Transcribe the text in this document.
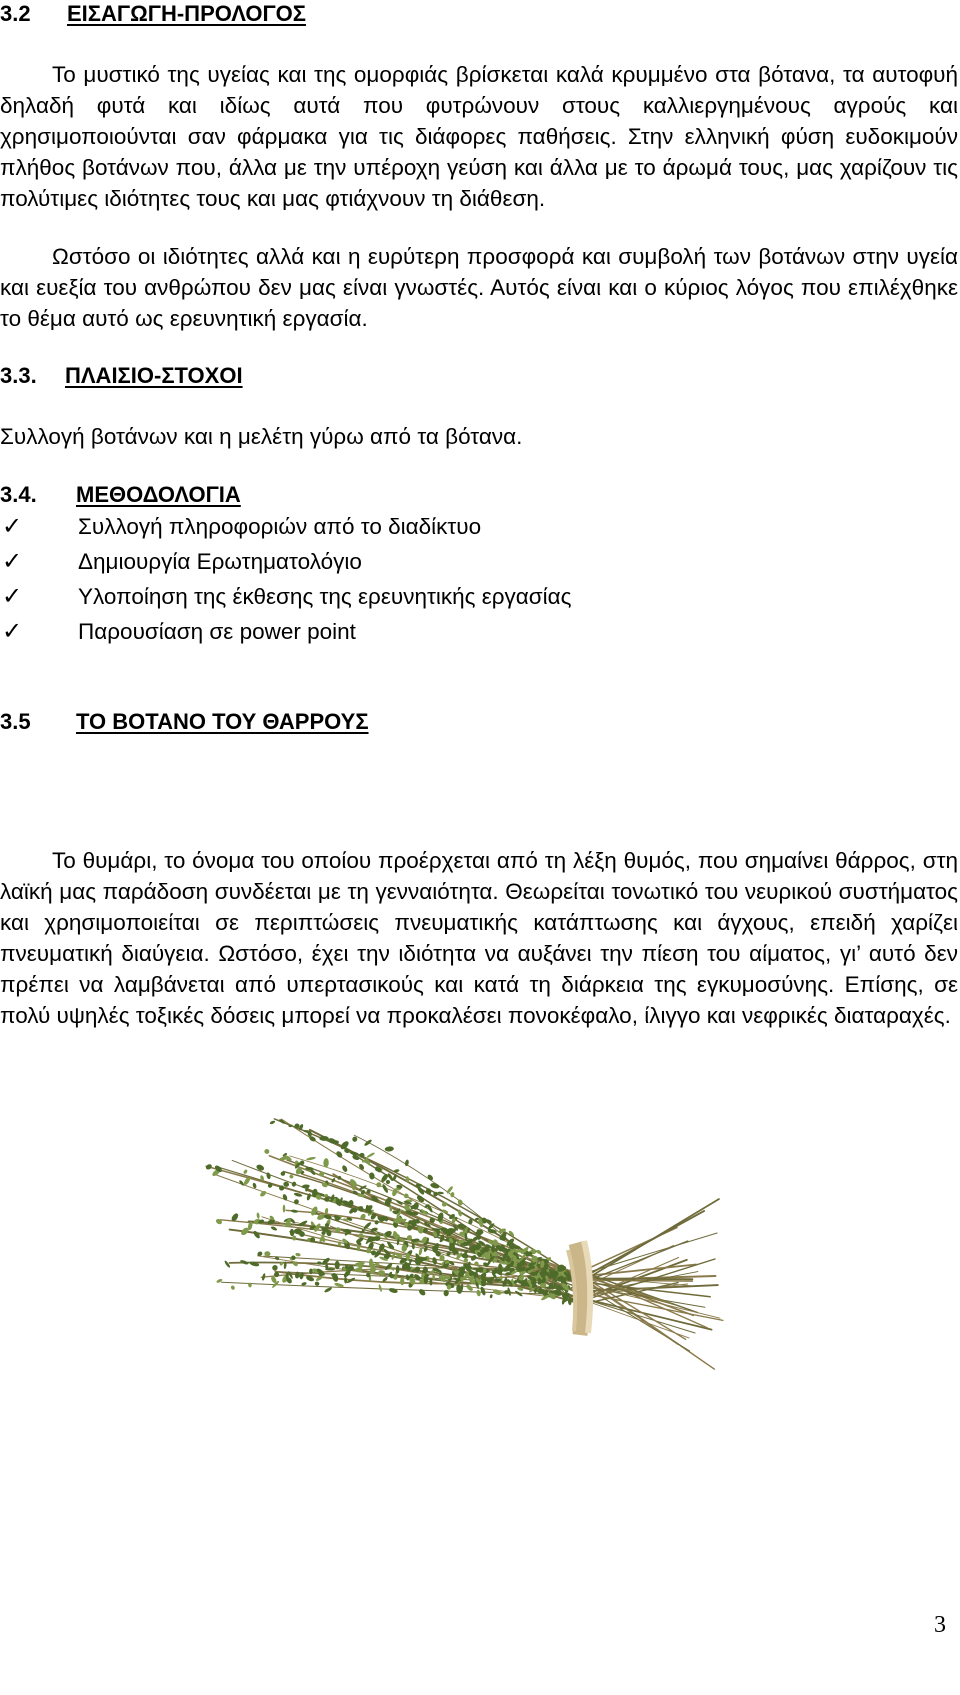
3.2 ΕΙΣΑΓΩΓΗ-ΠΡΟΛΟΓΟΣ
Το μυστικό της υγείας και της ομορφιάς βρίσκεται καλά κρυμμένο στα βότανα, τα αυτοφυή δηλαδή φυτά και ιδίως αυτά που φυτρώνουν στους καλλιεργημένους αγρούς και χρησιμοποιούνται σαν φάρμακα για τις διάφορες παθήσεις. Στην ελληνική φύση ευδοκιμούν πλήθος βοτάνων που, άλλα με την υπέροχη γεύση και άλλα με το άρωμά τους, μας χαρίζουν τις πολύτιμες ιδιότητες τους και μας φτιάχνουν τη διάθεση.
Ωστόσο οι ιδιότητες αλλά και η ευρύτερη προσφορά και συμβολή των βοτάνων στην υγεία και ευεξία του ανθρώπου δεν μας είναι γνωστές. Αυτός είναι και ο κύριος λόγος που επιλέχθηκε το θέμα αυτό ως ερευνητική εργασία.
3.3. ΠΛΑΙΣΙΟ-ΣΤΟΧΟΙ
Συλλογή βοτάνων και η μελέτη γύρω από τα βότανα.
3.4. ΜΕΘΟΔΟΛΟΓΙΑ
✓ Συλλογή πληροφοριών από το διαδίκτυο
✓ Δημιουργία Ερωτηματολόγιο
✓ Υλοποίηση της έκθεσης της ερευνητικής εργασίας
✓ Παρουσίαση σε power point
3.5 ΤΟ ΒΟΤΑΝΟ ΤΟΥ ΘΑΡΡΟΥΣ
Το θυμάρι, το όνομα του οποίου προέρχεται από τη λέξη θυμός, που σημαίνει θάρρος, στη λαϊκή μας παράδοση συνδέεται με τη γενναιότητα. Θεωρείται τονωτικό του νευρικού συστήματος και χρησιμοποιείται σε περιπτώσεις πνευματικής κατάπτωσης και άγχους, επειδή χαρίζει πνευματική διαύγεια. Ωστόσο, έχει την ιδιότητα να αυξάνει την πίεση του αίματος, γι’ αυτό δεν πρέπει να λαμβάνεται από υπερτασικούς και κατά τη διάρκεια της εγκυμοσύνης. Επίσης, σε πολύ υψηλές τοξικές δόσεις μπορεί να προκαλέσει πονοκέφαλο, ίλιγγο και νεφρικές διαταραχές.
3
